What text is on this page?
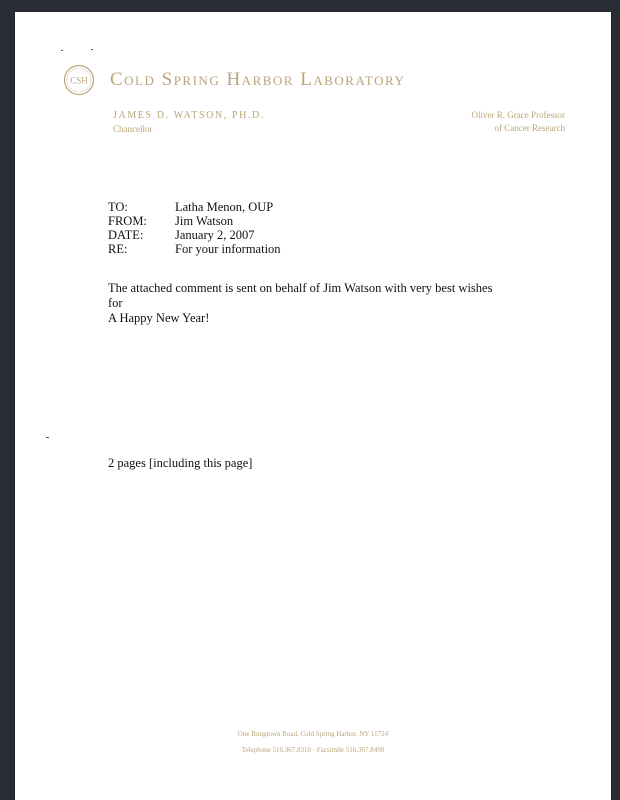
CSH Cold Spring Harbor Laboratory
JAMES D. WATSON, PH.D.
Chancellor
Oliver R. Grace Professor
of Cancer Research
TO:	Latha Menon, OUP
FROM:	Jim Watson
DATE:	January 2, 2007
RE:	For your information
The attached comment is sent on behalf of Jim Watson with very best wishes for
A Happy New Year!
2 pages [including this page]
One Bungtown Road, Cold Spring Harbor, NY 11724
Telephone 516.367.8310 · Facsimile 516.367.8490
